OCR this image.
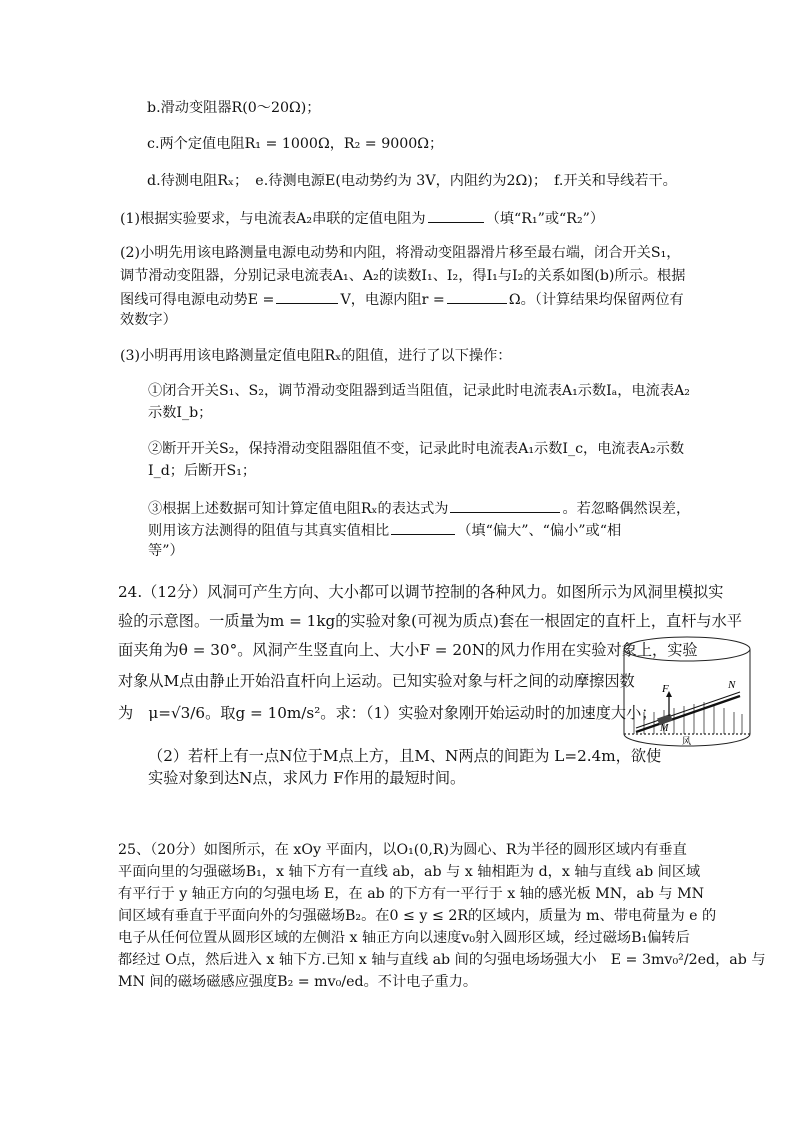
b.滑动变阻器R(0～20Ω)；
c.两个定值电阻R₁ = 1000Ω，R₂ = 9000Ω；
d.待测电阻Rₓ；　e.待测电源E(电动势约为 3V，内阻约为2Ω)；　f.开关和导线若干。
(1)根据实验要求，与电流表A₂串联的定值电阻为	（填“R₁”或“R₂”）
(2)小明先用该电路测量电源电动势和内阻，将滑动变阻器滑片移至最右端，闭合开关S₁，
调节滑动变阻器，分别记录电流表A₁、A₂的读数I₁、I₂，得I₁与I₂的关系如图(b)所示。根据
图线可得电源电动势E =	V，电源内阻r =	Ω。（计算结果均保留两位有
效数字）
(3)小明再用该电路测量定值电阻Rₓ的阻值，进行了以下操作：
①闭合开关S₁、S₂，调节滑动变阻器到适当阻值，记录此时电流表A₁示数Iₐ，电流表A₂
示数I_b；
②断开开关S₂，保持滑动变阻器阻值不变，记录此时电流表A₁示数I_c，电流表A₂示数
I_d；后断开S₁；
③根据上述数据可知计算定值电阻Rₓ的表达式为	。若忽略偶然误差，
则用该方法测得的阻值与其真实值相比	（填“偏大”、“偏小”或“相
等”）
24.（12分）风洞可产生方向、大小都可以调节控制的各种风力。如图所示为风洞里模拟实
验的示意图。一质量为m = 1kg的实验对象(可视为质点)套在一根固定的直杆上，直杆与水平
面夹角为θ = 30°。风洞产生竖直向上、大小F = 20N的风力作用在实验对象上，实验
对象从M点由静止开始沿直杆向上运动。已知实验对象与杆之间的动摩擦因数
为　μ=√3/6。取g = 10m/s²。求：（1）实验对象刚开始运动时的加速度大小；
（2）若杆上有一点N位于M点上方，且M、N两点的间距为 L=2.4m，欲使
实验对象到达N点，求风力 F作用的最短时间。
F	N
M
风
25、（20分）如图所示，在 xOy 平面内，以O₁(0,R)为圆心、R为半径的圆形区域内有垂直
平面向里的匀强磁场B₁，x 轴下方有一直线 ab，ab 与 x 轴相距为 d，x 轴与直线 ab 间区域
有平行于 y 轴正方向的匀强电场 E，在 ab 的下方有一平行于 x 轴的感光板 MN，ab 与 MN
间区域有垂直于平面向外的匀强磁场B₂。在0 ≤ y ≤ 2R的区域内，质量为 m、带电荷量为 e 的
电子从任何位置从圆形区域的左侧沿 x 轴正方向以速度v₀射入圆形区域，经过磁场B₁偏转后
都经过 O点，然后进入 x 轴下方.已知 x 轴与直线 ab 间的匀强电场场强大小　E = 3mv₀²/2ed，ab 与
MN 间的磁场磁感应强度B₂ = mv₀/ed。不计电子重力。
